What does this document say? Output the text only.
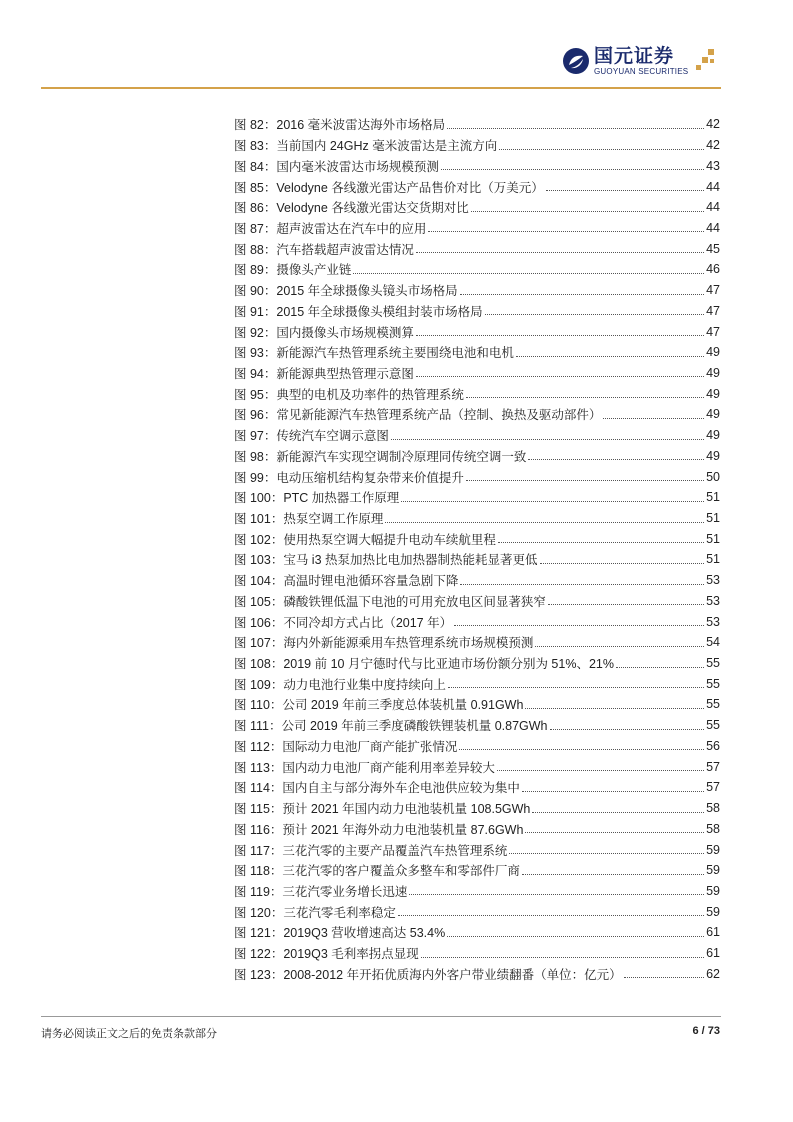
国元证券
GUOYUAN SECURITIES
图 82：2016 毫米波雷达海外市场格局	42
图 83：当前国内 24GHz 毫米波雷达是主流方向	42
图 84：国内毫米波雷达市场规模预测	43
图 85：Velodyne 各线激光雷达产品售价对比（万美元）	44
图 86：Velodyne 各线激光雷达交货期对比	44
图 87：超声波雷达在汽车中的应用	44
图 88：汽车搭载超声波雷达情况	45
图 89：摄像头产业链	46
图 90：2015 年全球摄像头镜头市场格局	47
图 91：2015 年全球摄像头模组封装市场格局	47
图 92：国内摄像头市场规模测算	47
图 93：新能源汽车热管理系统主要围绕电池和电机	49
图 94：新能源典型热管理示意图	49
图 95：典型的电机及功率件的热管理系统	49
图 96：常见新能源汽车热管理系统产品（控制、换热及驱动部件）	49
图 97：传统汽车空调示意图	49
图 98：新能源汽车实现空调制冷原理同传统空调一致	49
图 99：电动压缩机结构复杂带来价值提升	50
图 100：PTC 加热器工作原理	51
图 101：热泵空调工作原理	51
图 102：使用热泵空调大幅提升电动车续航里程	51
图 103：宝马 i3 热泵加热比电加热器制热能耗显著更低	51
图 104：高温时锂电池循环容量急剧下降	53
图 105：磷酸铁锂低温下电池的可用充放电区间显著狭窄	53
图 106：不同冷却方式占比（2017 年）	53
图 107：海内外新能源乘用车热管理系统市场规模预测	54
图 108：2019 前 10 月宁德时代与比亚迪市场份额分别为 51%、21%	55
图 109：动力电池行业集中度持续向上	55
图 110：公司 2019 年前三季度总体装机量 0.91GWh	55
图 111：公司 2019 年前三季度磷酸铁锂装机量 0.87GWh	55
图 112：国际动力电池厂商产能扩张情况	56
图 113：国内动力电池厂商产能利用率差异较大	57
图 114：国内自主与部分海外车企电池供应较为集中	57
图 115：预计 2021 年国内动力电池装机量 108.5GWh	58
图 116：预计 2021 年海外动力电池装机量 87.6GWh	58
图 117：三花汽零的主要产品覆盖汽车热管理系统	59
图 118：三花汽零的客户覆盖众多整车和零部件厂商	59
图 119：三花汽零业务增长迅速	59
图 120：三花汽零毛利率稳定	59
图 121：2019Q3 营收增速高达 53.4%	61
图 122：2019Q3 毛利率拐点显现	61
图 123：2008-2012 年开拓优质海内外客户带业绩翻番（单位：亿元）	62
请务必阅读正文之后的免责条款部分	6 / 73
